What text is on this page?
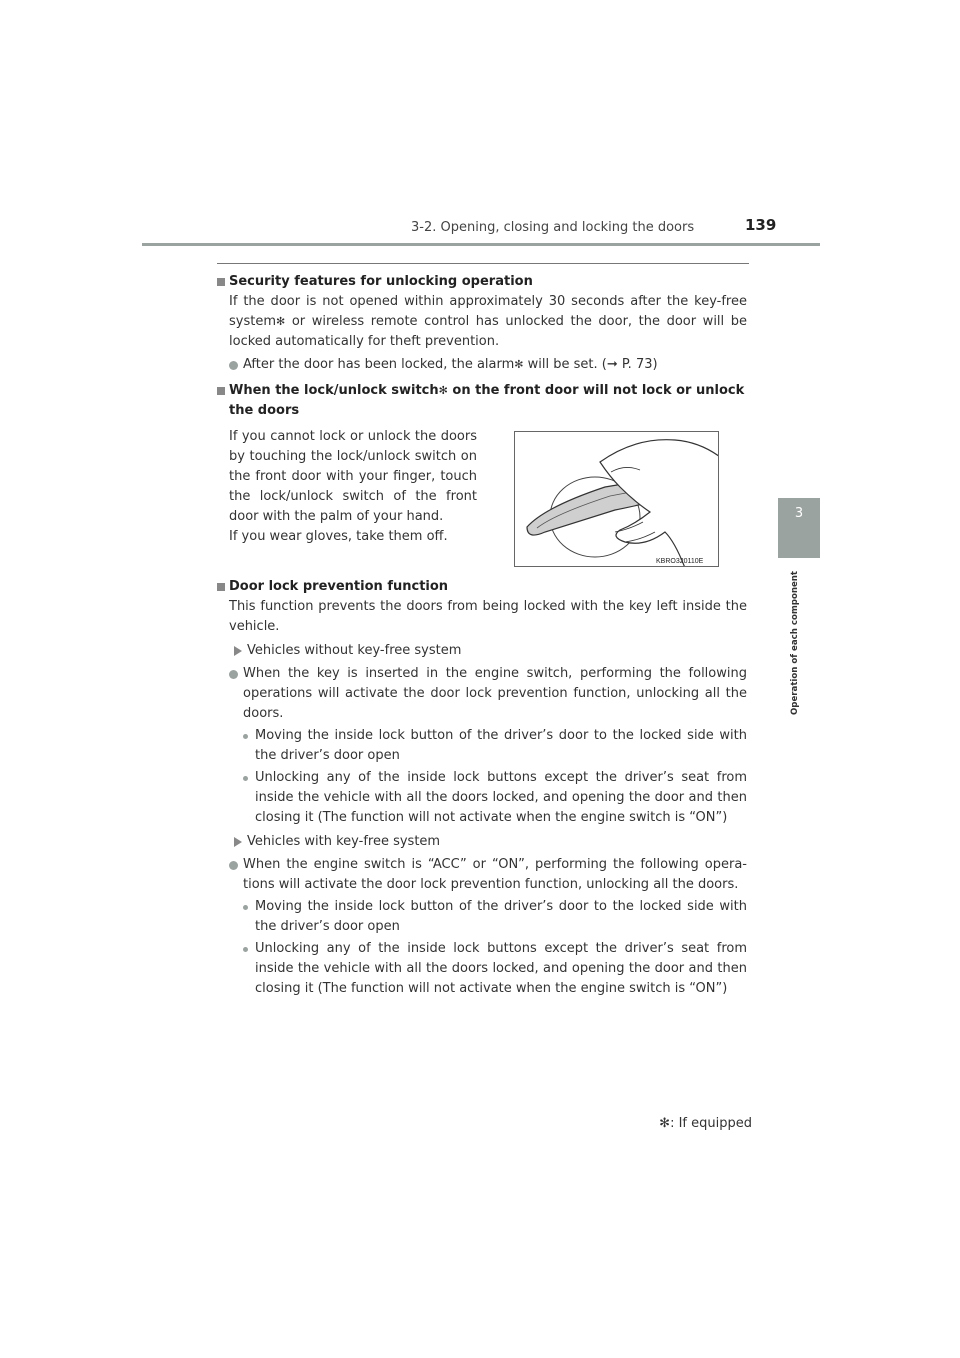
139
3-2. Opening, closing and locking the doors
3
Operation of each component
Security features for unlocking operation
If the door is not opened within approximately 30 seconds after the key-free system✻ or wireless remote control has unlocked the door, the door will be locked automatically for theft prevention.
After the door has been locked, the alarm✻ will be set. (➞ P. 73)
When the lock/unlock switch✻ on the front door will not lock or unlock the doors
If you cannot lock or unlock the doors by touching the lock/unlock switch on the front door with your finger, touch the lock/unlock switch of the front door with the palm of your hand.
If you wear gloves, take them off.
KBRO320110E
Door lock prevention function
This function prevents the doors from being locked with the key left inside the vehicle.
Vehicles without key-free system
When the key is inserted in the engine switch, performing the following operations will activate the door lock prevention function, unlocking all the doors.
Moving the inside lock button of the driver’s door to the locked side with the driver’s door open
Unlocking any of the inside lock buttons except the driver’s seat from inside the vehicle with all the doors locked, and opening the door and then closing it (The function will not activate when the engine switch is “ON”)
Vehicles with key-free system
When the engine switch is “ACC” or “ON”, performing the following opera-tions will activate the door lock prevention function, unlocking all the doors.
Moving the inside lock button of the driver’s door to the locked side with the driver’s door open
Unlocking any of the inside lock buttons except the driver’s seat from inside the vehicle with all the doors locked, and opening the door and then closing it (The function will not activate when the engine switch is “ON”)
✻: If equipped
